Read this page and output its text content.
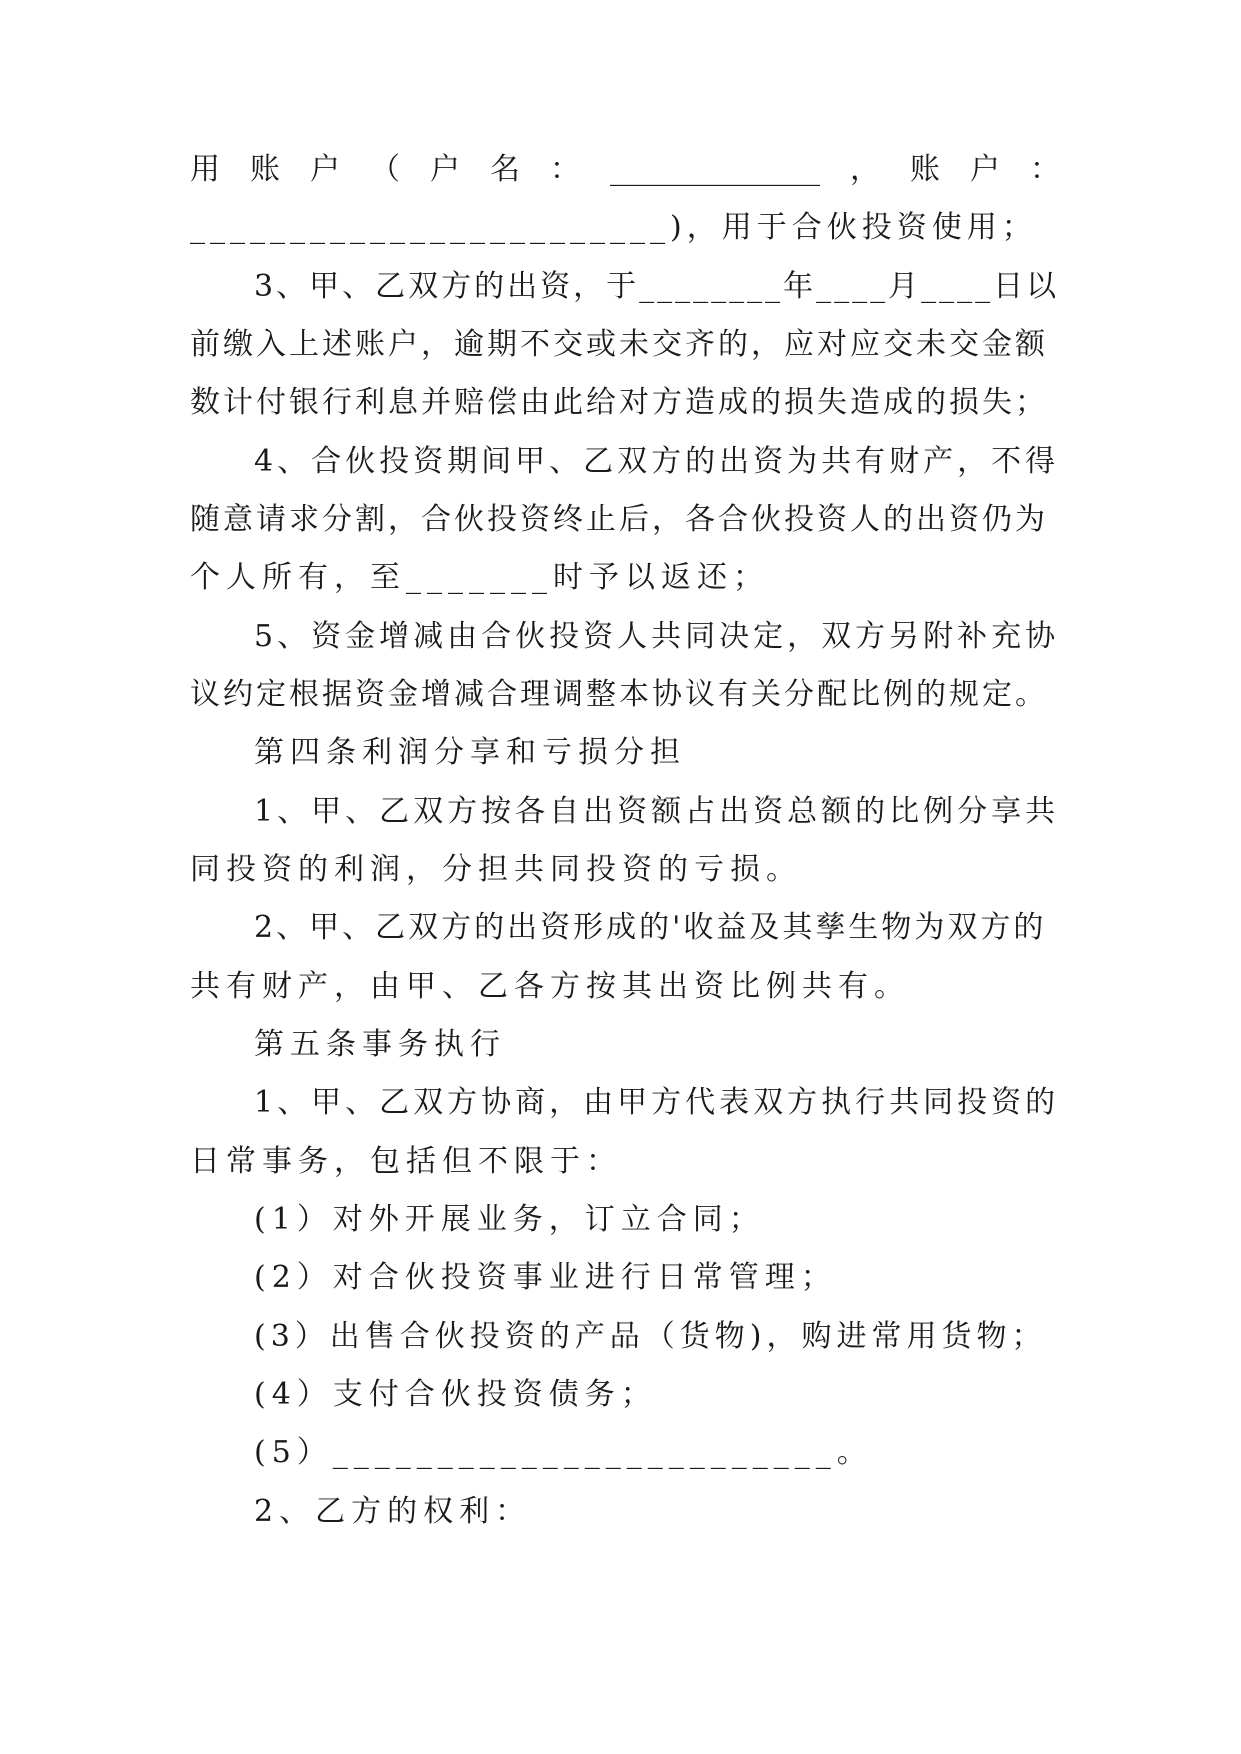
用 账 户 （ 户 名 ： ______________ ， 账 户 ：
________________________)，用于合伙投资使用；
3、甲、乙双方的出资，于________年____月____日以
前缴入上述账户，逾期不交或未交齐的，应对应交未交金额
数计付银行利息并赔偿由此给对方造成的损失造成的损失；
4、合伙投资期间甲、乙双方的出资为共有财产，不得
随意请求分割，合伙投资终止后，各合伙投资人的出资仍为
个人所有，至_______时予以返还；
5、资金增减由合伙投资人共同决定，双方另附补充协
议约定根据资金增减合理调整本协议有关分配比例的规定。
第四条利润分享和亏损分担
1、甲、乙双方按各自出资额占出资总额的比例分享共
同投资的利润，分担共同投资的亏损。
2、甲、乙双方的出资形成的'收益及其孳生物为双方的
共有财产，由甲、乙各方按其出资比例共有。
第五条事务执行
1、甲、乙双方协商，由甲方代表双方执行共同投资的
日常事务，包括但不限于：
(1）对外开展业务，订立合同；
(2）对合伙投资事业进行日常管理；
(3）出售合伙投资的产品（货物)，购进常用货物；
(4）支付合伙投资债务；
(5）________________________。
2、乙方的权利：
